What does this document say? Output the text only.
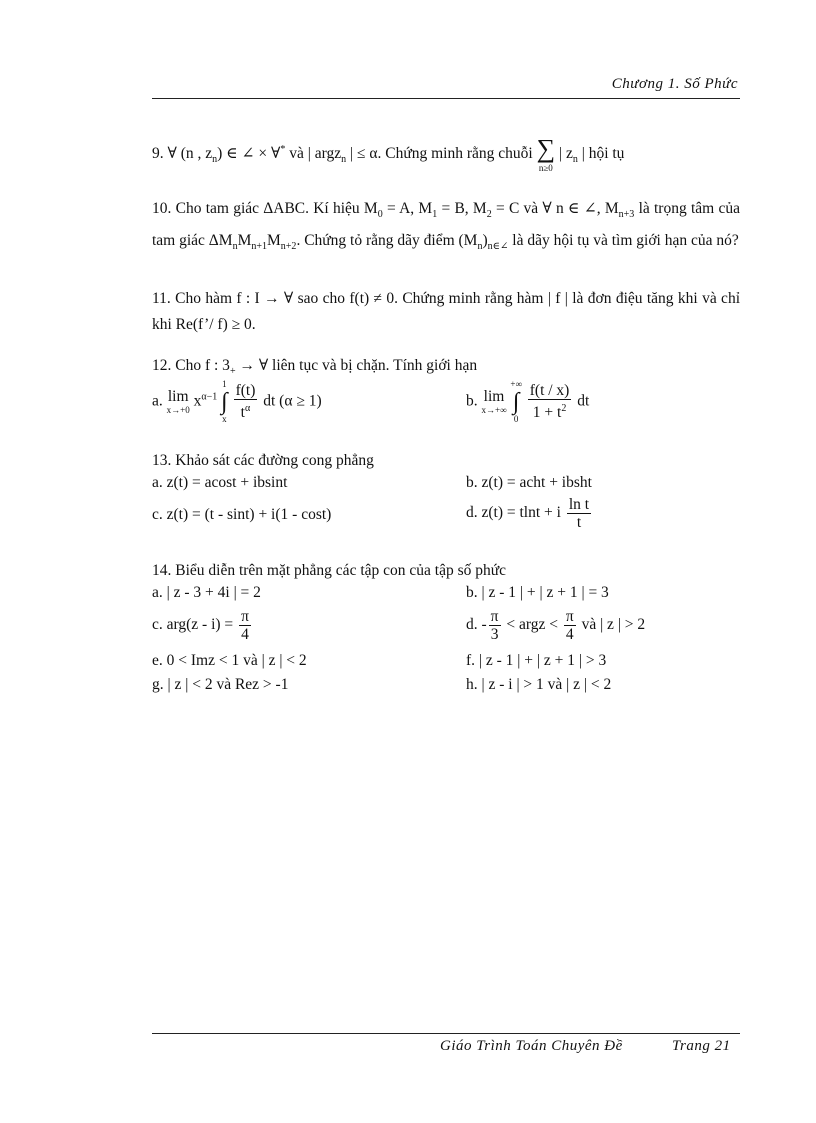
Chương 1. Số Phức
9. ∀ (n , $z_n$) ∈ ∠ × ∀* và | argz$_n$ | ≤ α. Chứng minh rằng chuỗi ∑
n≥0
| $z_n$ | hội tụ
10. Cho tam giác ΔABC. Kí hiệu $M_0 = A$, $M_1 = B$, $M_2 = C$ và ∀ n ∈ ∠, $M_{n+3}$ là trọng tâm của tam giác $\Delta M_nM_{n+1}M_{n+2}$. Chứng tỏ rằng dãy điểm $(M_n)_{n\in\angle}$ là dãy hội tụ và tìm giới hạn của nó?
11. Cho hàm f : I → ∀ sao cho f(t) ≠ 0. Chứng minh rằng hàm | f | là đơn điệu tăng khi và chỉ khi Re(f’/ f) ≥ 0.
12. Cho f : $3_+$ → ∀ liên tục và bị chặn. Tính giới hạn
a. lim
x→+0
$x^{\alpha-1}$
1
∫
x
$\frac{f(t)}{t^\alpha}$ dt (α ≥ 1)	b. lim
x→+∞

+∞
∫
0
$\frac{f(t / x)}{1 + t^2}$ dt
13. Khảo sát các đường cong phẳng
a. z(t) = acost + ibsint	b. z(t) = acht + ibsht
c. z(t) = (t - sint) + i(1 - cost)	d. z(t) = tlnt + i $\frac{\text{ln t}}{t}$
14. Biểu diễn trên mặt phẳng các tập con của tập số phức
a. | z - 3 + 4i | = 2	b. | z - 1 | + | z + 1 | = 3
c. $arg(z - i) = \frac{\pi}{4}$	d. - $\frac{\pi}{3}$ < argz < $\frac{\pi}{4}$ và | z | > 2
e. 0 < Imz < 1 và | z | < 2	f. | z - 1 | + | z + 1 | > 3
g. | z | < 2 và Rez > -1	h. | z - i | > 1 và | z | < 2
Giáo Trình Toán Chuyên Đề	Trang 21
